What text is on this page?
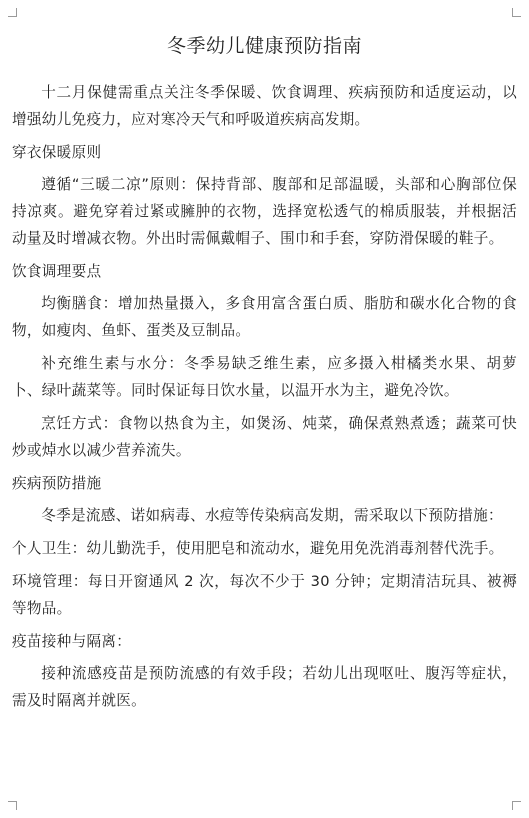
冬季幼儿健康预防指南

十二月保健需重点关注冬季保暖、饮食调理、疾病预防和适度运动，以增强幼儿免疫力，应对寒冷天气和呼吸道疾病高发期。

穿衣保暖原则

遵循“三暖二凉”原则：保持背部、腹部和足部温暖，头部和心胸部位保持凉爽。避免穿着过紧或臃肿的衣物，选择宽松透气的棉质服装，并根据活动量及时增减衣物。外出时需佩戴帽子、围巾和手套，穿防滑保暖的鞋子。

饮食调理要点

均衡膳食：增加热量摄入，多食用富含蛋白质、脂肪和碳水化合物的食物，如瘦肉、鱼虾、蛋类及豆制品。

补充维生素与水分：冬季易缺乏维生素，应多摄入柑橘类水果、胡萝卜、绿叶蔬菜等。同时保证每日饮水量，以温开水为主，避免冷饮。

烹饪方式：食物以热食为主，如煲汤、炖菜，确保煮熟煮透；蔬菜可快炒或焯水以减少营养流失。

疾病预防措施

冬季是流感、诺如病毒、水痘等传染病高发期，需采取以下预防措施：

个人卫生：幼儿勤洗手，使用肥皂和流动水，避免用免洗消毒剂替代洗手。

环境管理：每日开窗通风 2 次，每次不少于 30 分钟；定期清洁玩具、被褥等物品。

疫苗接种与隔离：

接种流感疫苗是预防流感的有效手段；若幼儿出现呕吐、腹泻等症状，需及时隔离并就医。
